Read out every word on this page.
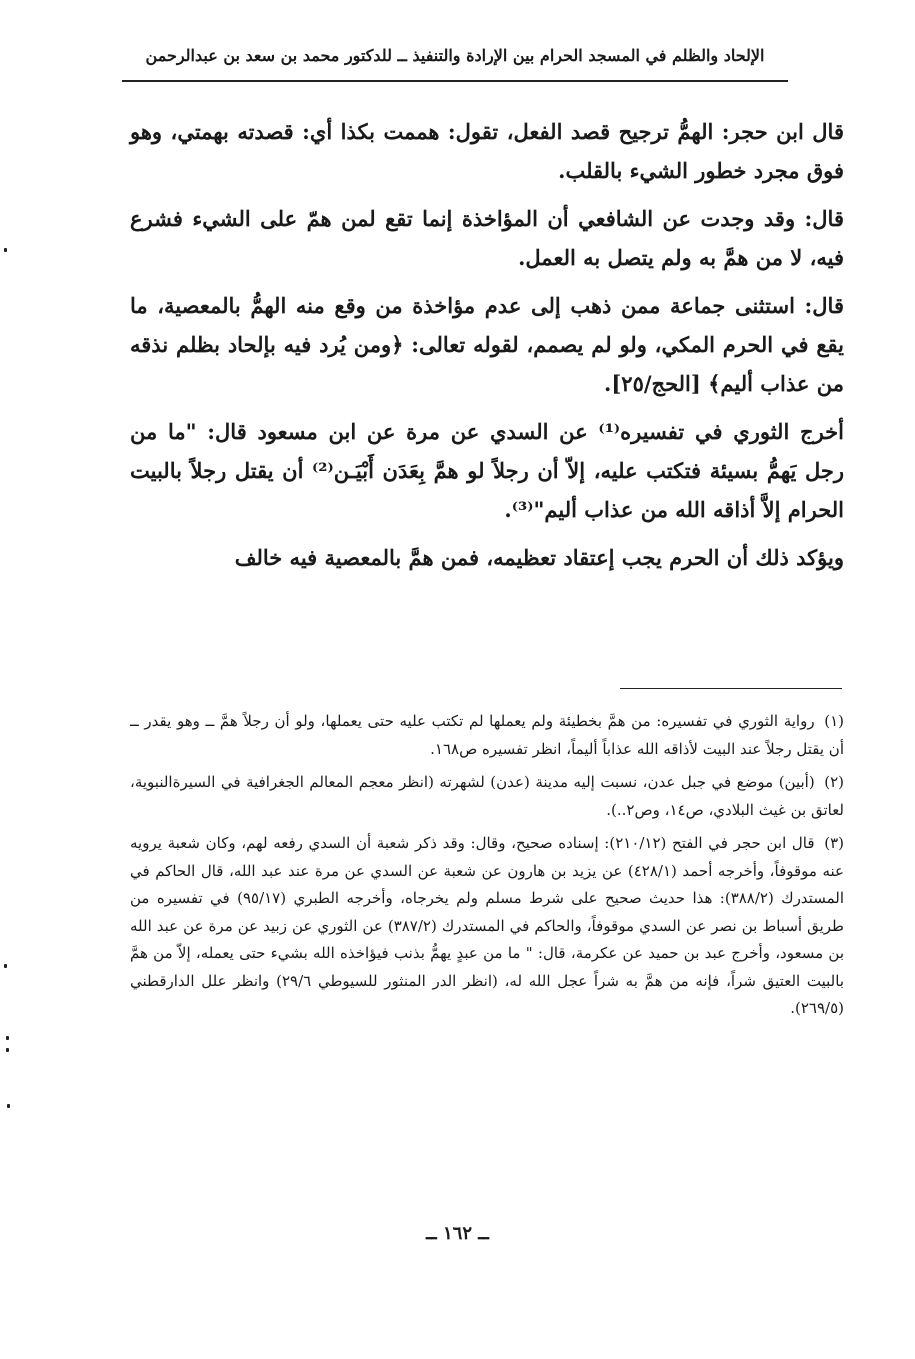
الإلحاد والظلم في المسجد الحرام بين الإرادة والتنفيذ ــ للدكتور محمد بن سعد بن عبدالرحمن

قال ابن حجر: الهمُّ ترجيح قصد الفعل، تقول: هممت بكذا أي: قصدته بهمتي، وهو فوق مجرد خطور الشيء بالقلب.

قال: وقد وجدت عن الشافعي أن المؤاخذة إنما تقع لمن همّ على الشيء فشرع فيه، لا من همَّ به ولم يتصل به العمل.

قال: استثنى جماعة ممن ذهب إلى عدم مؤاخذة من وقع منه الهمُّ بالمعصية، ما يقع في الحرم المكي، ولو لم يصمم، لقوله تعالى: ﴿ومن يُرد فيه بإلحاد بظلم نذقه من عذاب أليم﴾ [الحج/٢٥].

أخرج الثوري في تفسيره⁽¹⁾ عن السدي عن مرة عن ابن مسعود قال: "ما من رجل يَهمُّ بسيئة فتكتب عليه، إلاّ أن رجلاً لو همَّ بِعَدَن أَبْيَـن⁽²⁾ أن يقتل رجلاً بالبيت الحرام إلاَّ أذاقه الله من عذاب أليم"⁽³⁾.

ويؤكد ذلك أن الحرم يجب إعتقاد تعظيمه، فمن همَّ بالمعصية فيه خالف

(١) رواية الثوري في تفسيره: من همَّ بخطيئة ولم يعملها لم تكتب عليه حتى يعملها، ولو أن رجلاً همَّ ــ وهو يقدر ــ أن يقتل رجلاً عند البيت لأذاقه الله عذاباً أليماً، انظر تفسيره ص١٦٨.
(٢) (أبين) موضع في جبل عدن، نسبت إليه مدينة (عدن) لشهرته (انظر معجم المعالم الجغرافية في السيرةالنبوية، لعاتق بن غيث البلادي، ص١٤، وص٢..).
(٣) قال ابن حجر في الفتح (٢١٠/١٢): إسناده صحيح، وقال: وقد ذكر شعبة أن السدي رفعه لهم، وكان شعبة يرويه عنه موقوفاً، وأخرجه أحمد (٤٢٨/١) عن يزيد بن هارون عن شعبة عن السدي عن مرة عند عبد الله، قال الحاكم في المستدرك (٣٨٨/٢): هذا حديث صحيح على شرط مسلم ولم يخرجاه، وأخرجه الطبري (٩٥/١٧) في تفسيره من طريق أسباط بن نصر عن السدي موقوفاً، والحاكم في المستدرك (٣٨٧/٢) عن الثوري عن زبيد عن مرة عن عبد الله بن مسعود، وأخرج عبد بن حميد عن عكرمة، قال: " ما من عبدٍ يهمُّ بذنب فيؤاخذه الله بشيء حتى يعمله، إلاّ من همَّ بالبيت العتيق شراً، فإنه من همَّ به شراً عجل الله له، (انظر الدر المنثور للسيوطي ٢٩/٦) وانظر علل الدارقطني (٢٦٩/٥).
ــ ١٦٢ ــ
